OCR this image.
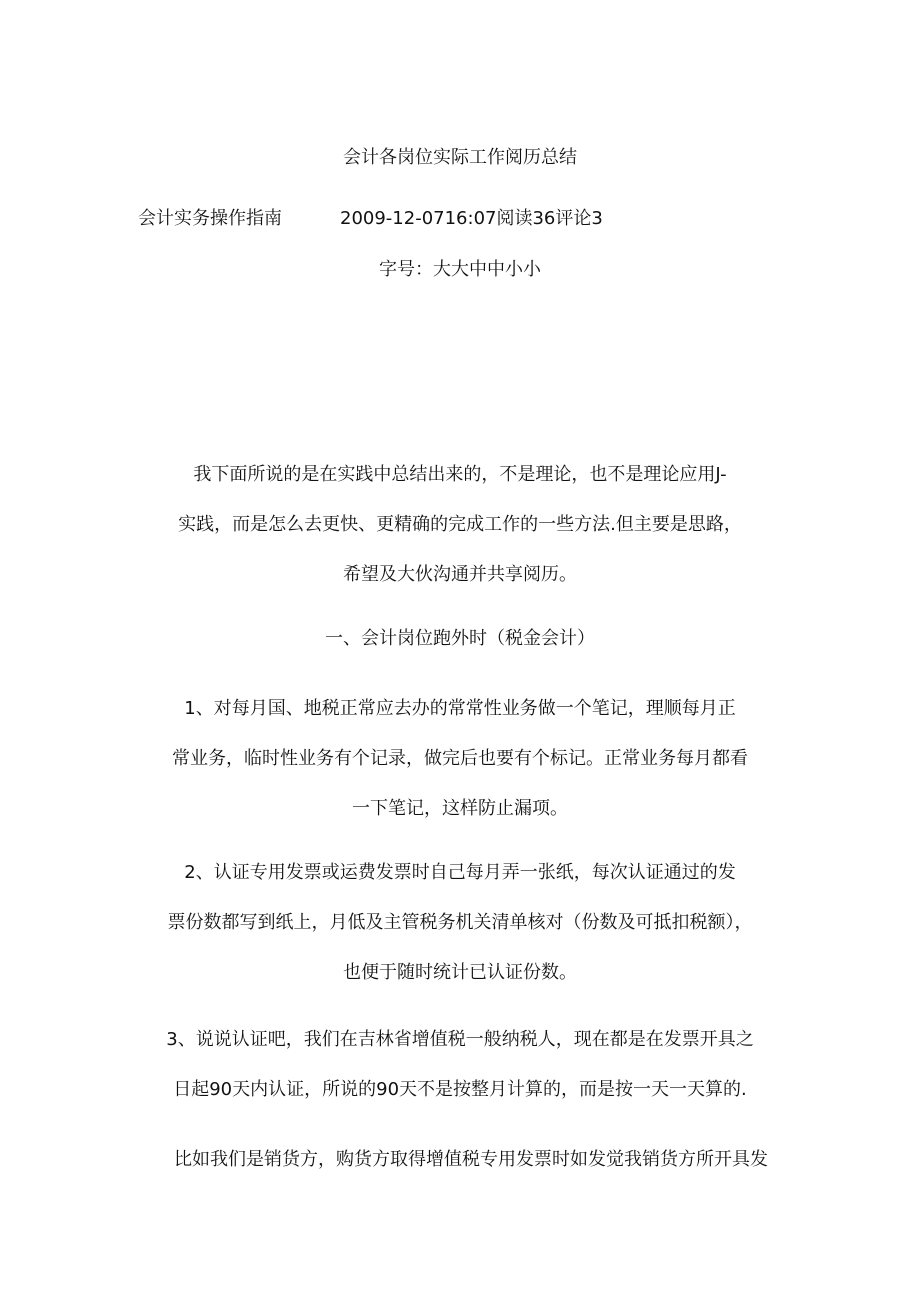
会计各岗位实际工作阅历总结
会计实务操作指南	2009-12-0716:07阅读36评论3
字号：大大中中小小
我下面所说的是在实践中总结出来的，不是理论，也不是理论应用J-
实践，而是怎么去更快、更精确的完成工作的一些方法.但主要是思路，
希望及大伙沟通并共享阅历。
一、会计岗位跑外时（税金会计）
1、对每月国、地税正常应去办的常常性业务做一个笔记，理顺每月正
常业务，临时性业务有个记录，做完后也要有个标记。正常业务每月都看
一下笔记，这样防止漏项。
2、认证专用发票或运费发票时自己每月弄一张纸，每次认证通过的发
票份数都写到纸上，月低及主管税务机关清单核对（份数及可抵扣税额），
也便于随时统计已认证份数。
3、说说认证吧，我们在吉林省增值税一般纳税人，现在都是在发票开具之
日起90天内认证，所说的90天不是按整月计算的，而是按一天一天算的.
比如我们是销货方，购货方取得增值税专用发票时如发觉我销货方所开具发
